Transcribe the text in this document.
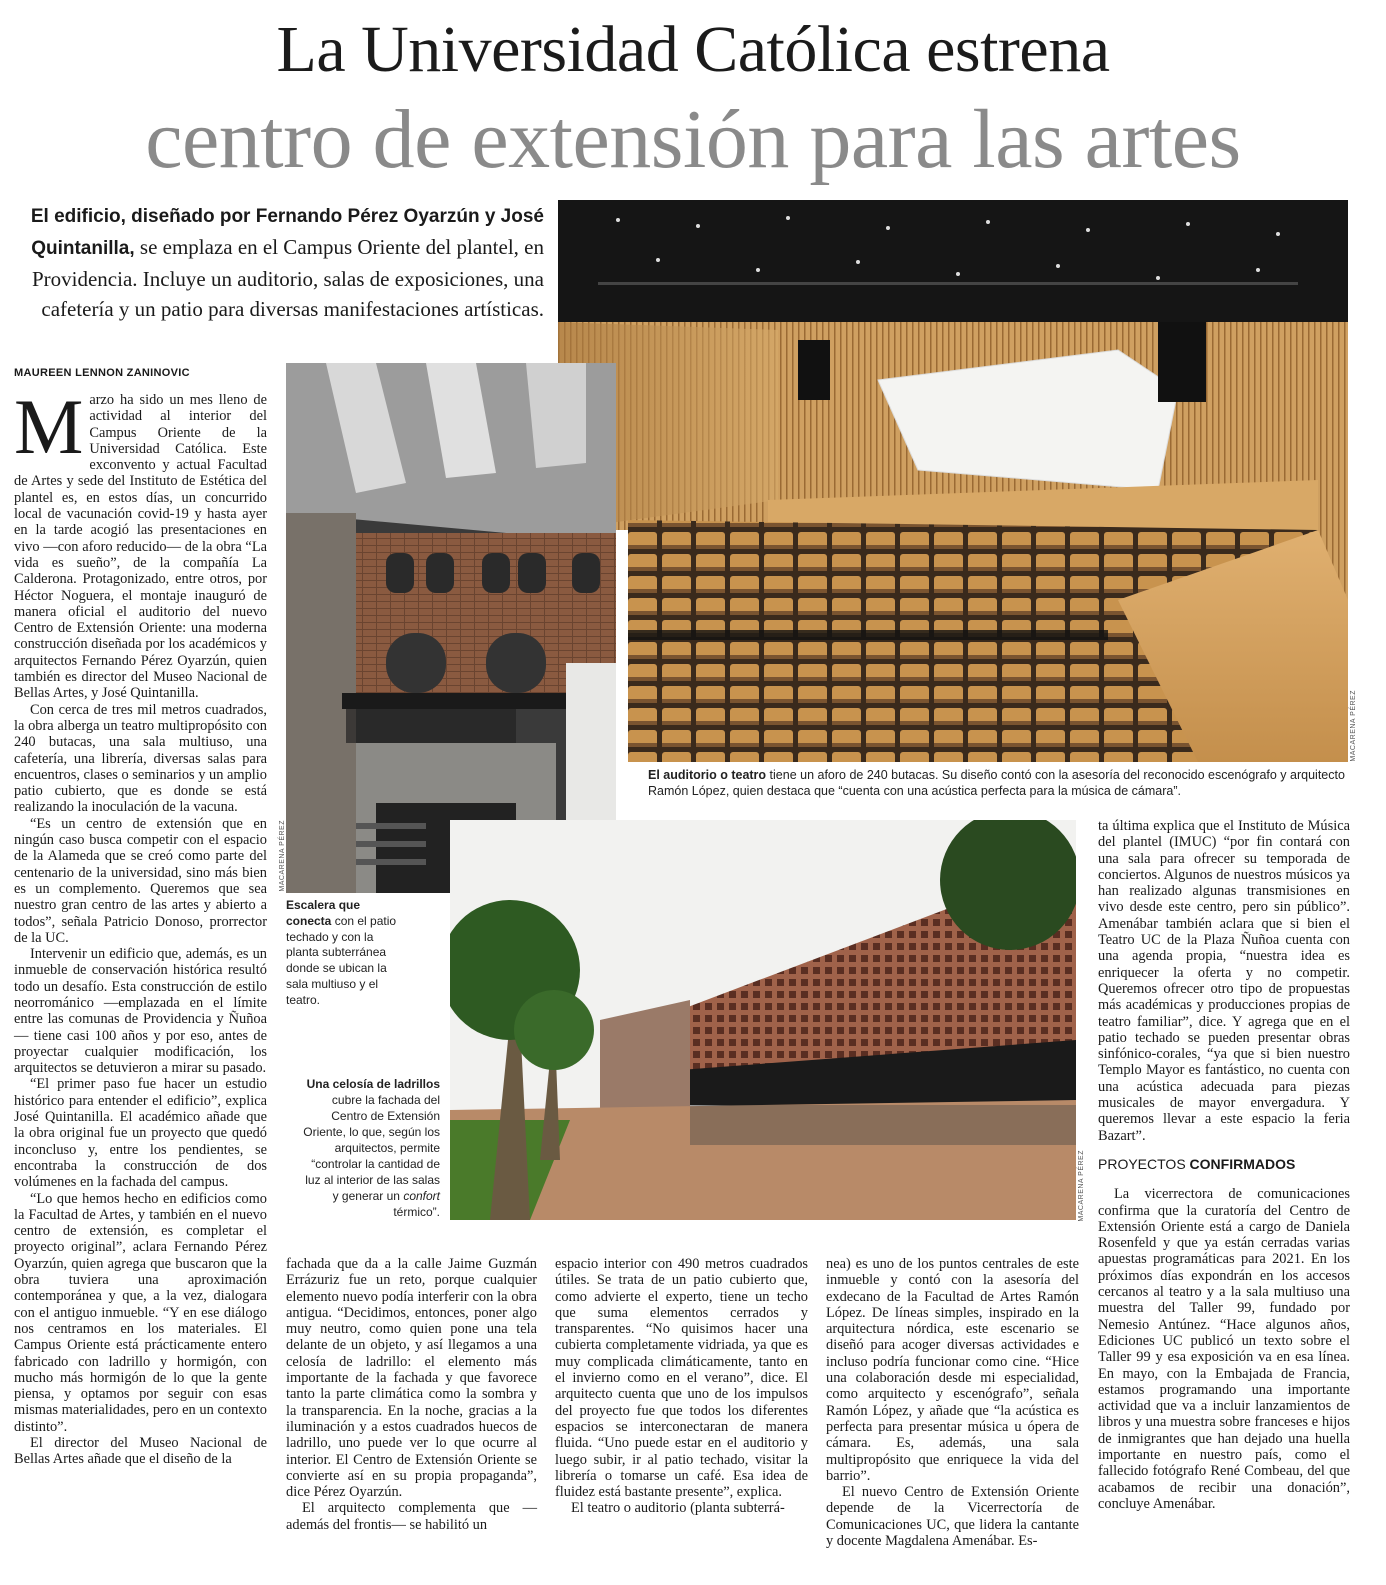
La Universidad Católica estrena
centro de extensión para las artes
El edificio, diseñado por Fernando Pérez Oyarzún y José Quintanilla, se emplaza en el Campus Oriente del plantel, en Providencia. Incluye un auditorio, salas de exposiciones, una cafetería y un patio para diversas manifestaciones artísticas.
MAUREEN LENNON ZANINOVIC
MACARENA PÉREZ
El auditorio o teatro tiene un aforo de 240 butacas. Su diseño contó con la asesoría del reconocido escenógrafo y arquitecto Ramón López, quien destaca que “cuenta con una acústica perfecta para la música de cámara”.
MACARENA PÉREZ
Escalera que conecta con el patio techado y con la planta subterránea donde se ubican la sala multiuso y el teatro.
MACARENA PÉREZ
Una celosía de ladrillos cubre la fachada del Centro de Extensión Oriente, lo que, según los arquitectos, permite “controlar la cantidad de luz al interior de las salas y generar un confort térmico”.

Marzo ha sido un mes lleno de actividad al interior del Campus Oriente de la Universidad Católica. Este exconvento y actual Facultad de Artes y sede del Instituto de Estética del plantel es, en estos días, un concurrido local de vacunación covid-19 y hasta ayer en la tarde acogió las presentaciones en vivo —con aforo reducido— de la obra “La vida es sueño”, de la compañía La Calderona. Protagonizado, entre otros, por Héctor Noguera, el montaje inauguró de manera oficial el auditorio del nuevo Centro de Extensión Oriente: una moderna construcción diseñada por los académicos y arquitectos Fernando Pérez Oyarzún, quien también es director del Museo Nacional de Bellas Artes, y José Quintanilla.

Con cerca de tres mil metros cuadrados, la obra alberga un teatro multipropósito con 240 butacas, una sala multiuso, una cafetería, una librería, diversas salas para encuentros, clases o seminarios y un amplio patio cubierto, que es donde se está realizando la inoculación de la vacuna.

“Es un centro de extensión que en ningún caso busca competir con el espacio de la Alameda que se creó como parte del centenario de la universidad, sino más bien es un complemento. Queremos que sea nuestro gran centro de las artes y abierto a todos”, señala Patricio Donoso, prorrector de la UC.

Intervenir un edificio que, además, es un inmueble de conservación histórica resultó todo un desafío. Esta construcción de estilo neorrománico —emplazada en el límite entre las comunas de Providencia y Ñuñoa— tiene casi 100 años y por eso, antes de proyectar cualquier modificación, los arquitectos se detuvieron a mirar su pasado.

“El primer paso fue hacer un estudio histórico para entender el edificio”, explica José Quintanilla. El académico añade que la obra original fue un proyecto que quedó inconcluso y, entre los pendientes, se encontraba la construcción de dos volúmenes en la fachada del campus.

“Lo que hemos hecho en edificios como la Facultad de Artes, y también en el nuevo centro de extensión, es completar el proyecto original”, aclara Fernando Pérez Oyarzún, quien agrega que buscaron que la obra tuviera una aproximación contemporánea y que, a la vez, dialogara con el antiguo inmueble. “Y en ese diálogo nos centramos en los materiales. El Campus Oriente está prácticamente entero fabricado con ladrillo y hormigón, con mucho más hormigón de lo que la gente piensa, y optamos por seguir con esas mismas materialidades, pero en un contexto distinto”.

El director del Museo Nacional de Bellas Artes añade que el diseño de la

fachada que da a la calle Jaime Guzmán Errázuriz fue un reto, porque cualquier elemento nuevo podía interferir con la obra antigua. “Decidimos, entonces, poner algo muy neutro, como quien pone una tela delante de un objeto, y así llegamos a una celosía de ladrillo: el elemento más importante de la fachada y que favorece tanto la parte climática como la sombra y la transparencia. En la noche, gracias a la iluminación y a estos cuadrados huecos de ladrillo, uno puede ver lo que ocurre al interior. El Centro de Extensión Oriente se convierte así en su propia propaganda”, dice Pérez Oyarzún.

El arquitecto complementa que —además del frontis— se habilitó un

espacio interior con 490 metros cuadrados útiles. Se trata de un patio cubierto que, como advierte el experto, tiene un techo que suma elementos cerrados y transparentes. “No quisimos hacer una cubierta completamente vidriada, ya que es muy complicada climáticamente, tanto en el invierno como en el verano”, dice. El arquitecto cuenta que uno de los impulsos del proyecto fue que todos los diferentes espacios se interconectaran de manera fluida. “Uno puede estar en el auditorio y luego subir, ir al patio techado, visitar la librería o tomarse un café. Esa idea de fluidez está bastante presente”, explica.

El teatro o auditorio (planta subterrá-

nea) es uno de los puntos centrales de este inmueble y contó con la asesoría del exdecano de la Facultad de Artes Ramón López. De líneas simples, inspirado en la arquitectura nórdica, este escenario se diseñó para acoger diversas actividades e incluso podría funcionar como cine. “Hice una colaboración desde mi especialidad, como arquitecto y escenógrafo”, señala Ramón López, y añade que “la acústica es perfecta para presentar música u ópera de cámara. Es, además, una sala multipropósito que enriquece la vida del barrio”.

El nuevo Centro de Extensión Oriente depende de la Vicerrectoría de Comunicaciones UC, que lidera la cantante y docente Magdalena Amenábar. Es-

ta última explica que el Instituto de Música del plantel (IMUC) “por fin contará con una sala para ofrecer su temporada de conciertos. Algunos de nuestros músicos ya han realizado algunas transmisiones en vivo desde este centro, pero sin público”. Amenábar también aclara que si bien el Teatro UC de la Plaza Ñuñoa cuenta con una agenda propia, “nuestra idea es enriquecer la oferta y no competir. Queremos ofrecer otro tipo de propuestas más académicas y producciones propias de teatro familiar”, dice. Y agrega que en el patio techado se pueden presentar obras sinfónico-corales, “ya que si bien nuestro Templo Mayor es fantástico, no cuenta con una acústica adecuada para piezas musicales de mayor envergadura. Y queremos llevar a este espacio la feria Bazart”.

PROYECTOS CONFIRMADOS

La vicerrectora de comunicaciones confirma que la curatoría del Centro de Extensión Oriente está a cargo de Daniela Rosenfeld y que ya están cerradas varias apuestas programáticas para 2021. En los próximos días expondrán en los accesos cercanos al teatro y a la sala multiuso una muestra del Taller 99, fundado por Nemesio Antúnez. “Hace algunos años, Ediciones UC publicó un texto sobre el Taller 99 y esa exposición va en esa línea. En mayo, con la Embajada de Francia, estamos programando una importante actividad que va a incluir lanzamientos de libros y una muestra sobre franceses e hijos de inmigrantes que han dejado una huella importante en nuestro país, como el fallecido fotógrafo René Combeau, del que acabamos de recibir una donación”, concluye Amenábar.
